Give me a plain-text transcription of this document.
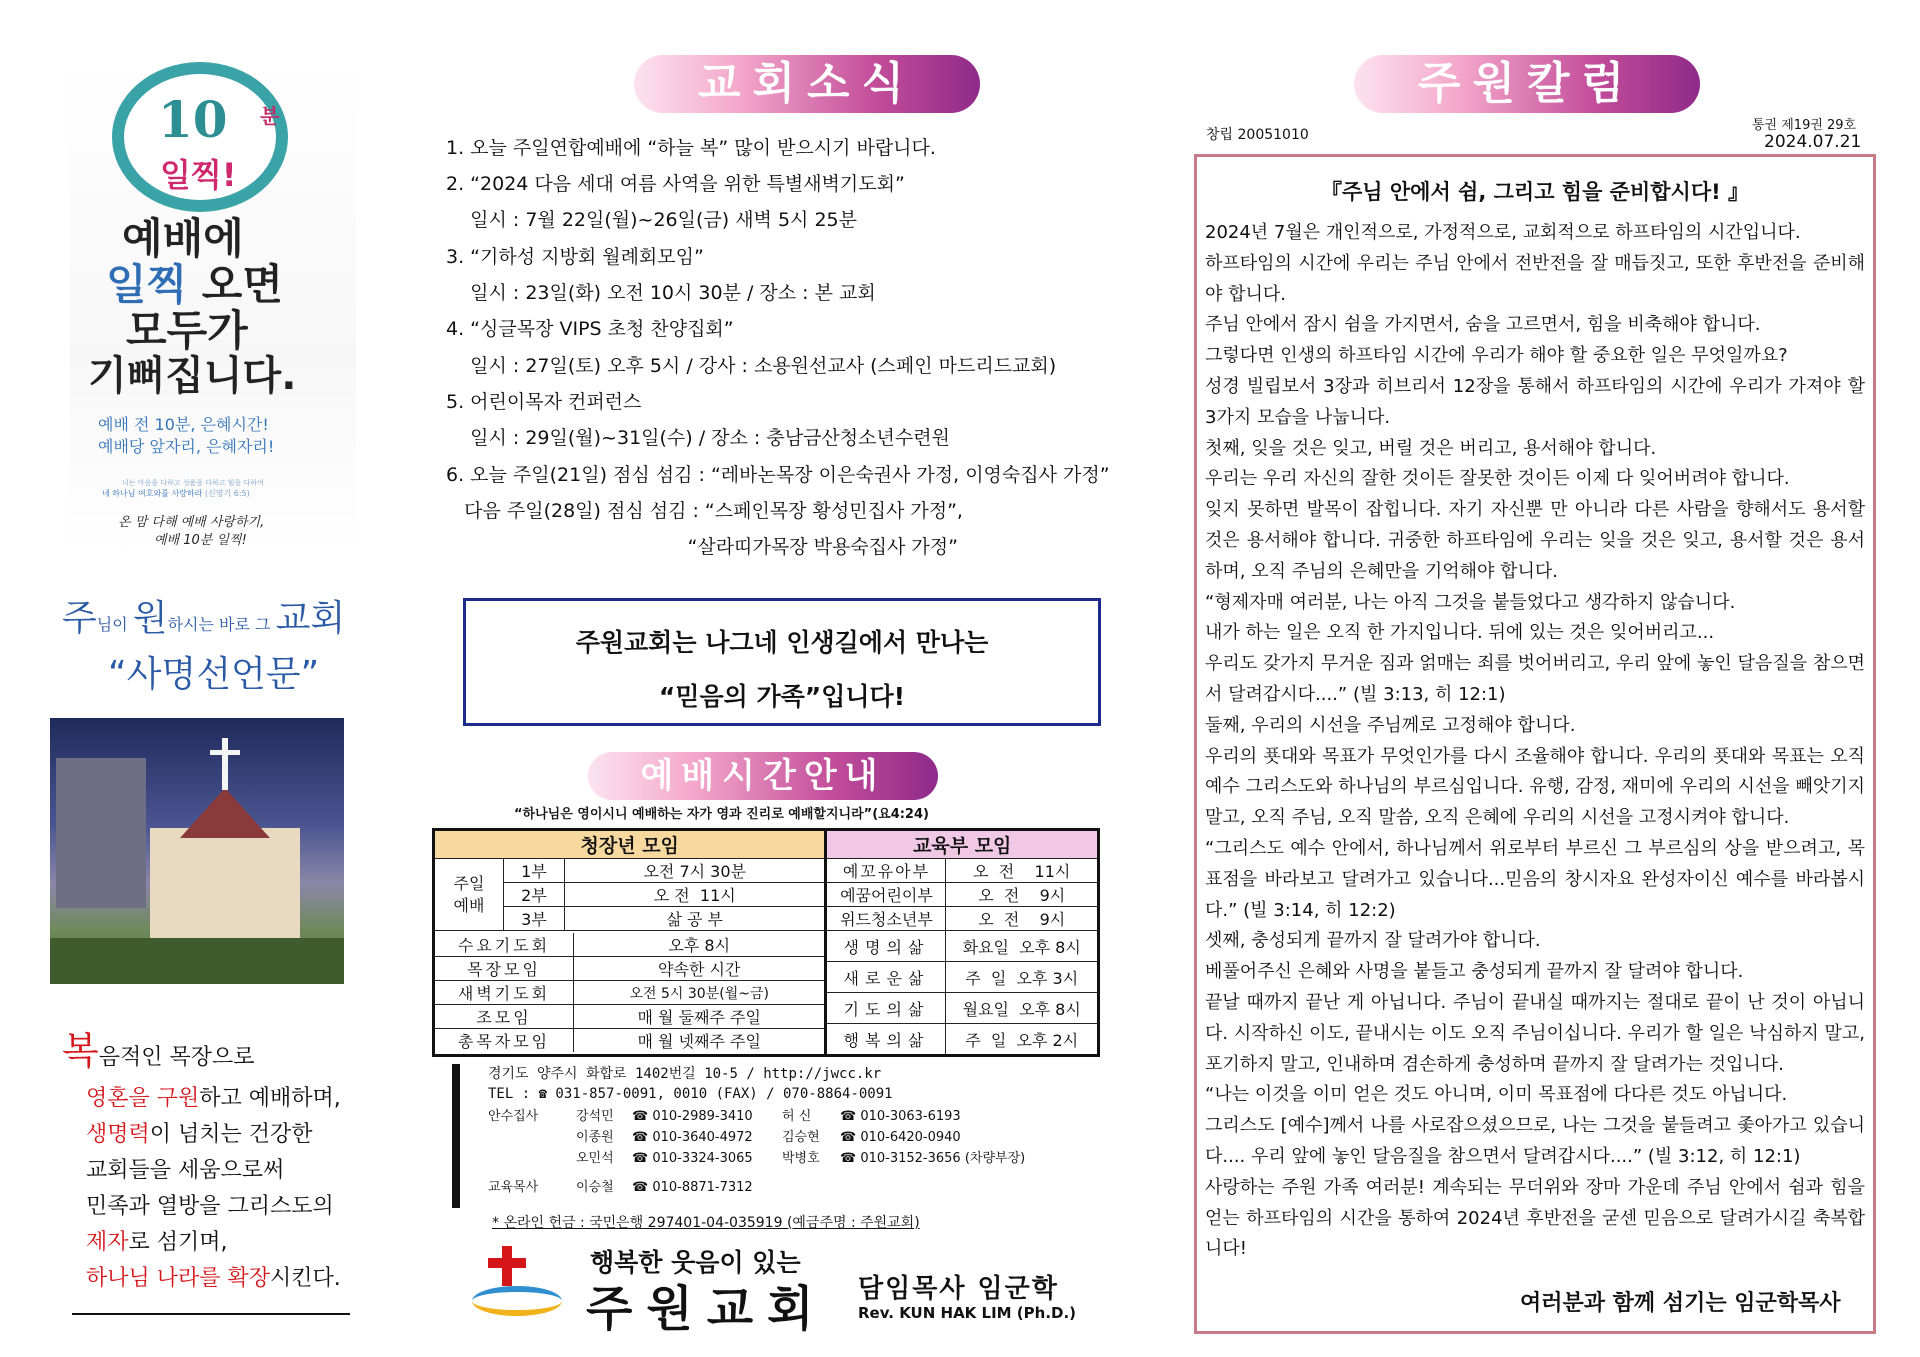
10 분
일찍!
예배에
일찍 오면
모두가
기뻐집니다.
예배 전 10분, 은혜시간!
예배당 앞자리, 은혜자리!
너는 마음을 다하고 성품을 다하고 힘을 다하여
네 하나님 여호와를 사랑하라 (신명기 6:5)
온 맘 다해 예배 사랑하기,
예배 10분 일찍!
주님이 원하시는 바로 그 교회
“사명선언문”
복음적인 목장으로
영혼을 구원하고 예배하며,
생명력이 넘치는 건강한
교회들을 세움으로써
민족과 열방을 그리스도의
제자로 섬기며,
하나님 나라를 확장시킨다.
교회소식
1. 오늘 주일연합예배에 “하늘 복” 많이 받으시기 바랍니다.
2. “2024 다음 세대 여름 사역을 위한 특별새벽기도회”
일시 : 7월 22일(월)~26일(금) 새벽 5시 25분
3. “기하성 지방회 월례회모임”
일시 : 23일(화) 오전 10시 30분 / 장소 : 본 교회
4. “싱글목장 VIPS 초청 찬양집회”
일시 : 27일(토) 오후 5시 / 강사 : 소용원선교사 (스페인 마드리드교회)
5. 어린이목자 컨퍼런스
일시 : 29일(월)~31일(수) / 장소 : 충남금산청소년수련원
6. 오늘 주일(21일) 점심 섬김 : “레바논목장 이은숙권사 가정, 이영숙집사 가정”
다음 주일(28일) 점심 섬김 : “스페인목장 황성민집사 가정”,
“살라띠가목장 박용숙집사 가정”
주원교회는 나그네 인생길에서 만나는
“믿음의 가족”입니다!
예배시간안내
“하나님은 영이시니 예배하는 자가 영과 진리로 예배할지니라”(요4:24)
청장년 모임	교육부 모임
주일
예배	
1부	오전 7시 30분	예꼬유아부	오  전    11시

2부	오 전  11시	예꿈어린이부	오  전    9시

3부	삶 공 부	위드청소년부	오  전    9시

수요기도회	오후 8시
목장모임	약속한 시간
새벽기도회	오전 5시 30분(월~금)
조모임	매 월 둘째주 주일
총목자모임	매 월 넷째주 주일

생명의삶	화요일  오후 8시
새로운삶	주  일  오후 3시
기도의삶	월요일  오후 8시
행복의삶	주  일  오후 2시
경기도 양주시 화합로 1402번길 10-5 / http://jwcc.kr
TEL : ☎ 031-857-0091, 0010 (FAX) / 070-8864-0091
안수집사	강석민	☎ 010-2989-3410	허 신	☎ 010-3063-6193
이종원	☎ 010-3640-4972	김승현	☎ 010-6420-0940
오민석	☎ 010-3324-3065	박병호	☎ 010-3152-3656 (차량부장)
교육목사	이승철	☎ 010-8871-7312
* 온라인 헌금 : 국민은행 297401-04-035919 (예금주명 : 주원교회)
행복한 웃음이 있는
주원교회 담임목사 임군학
Rev. KUN HAK LIM (Ph.D.)
주원칼럼
창립 20051010
통권 제19권 29호
2024.07.21
『주님 안에서 쉼, 그리고 힘을 준비합시다! 』

2024년 7월은 개인적으로, 가정적으로, 교회적으로 하프타임의 시간입니다.

하프타임의 시간에 우리는 주님 안에서 전반전을 잘 매듭짓고, 또한 후반전을 준비해야 합니다.

주님 안에서 잠시 쉼을 가지면서, 숨을 고르면서, 힘을 비축해야 합니다.

그렇다면 인생의 하프타임 시간에 우리가 해야 할 중요한 일은 무엇일까요?

성경 빌립보서 3장과 히브리서 12장을 통해서 하프타임의 시간에 우리가 가져야 할 3가지 모습을 나눕니다.

첫째, 잊을 것은 잊고, 버릴 것은 버리고, 용서해야 합니다.

우리는 우리 자신의 잘한 것이든 잘못한 것이든 이제 다 잊어버려야 합니다.

잊지 못하면 발목이 잡힙니다. 자기 자신뿐 만 아니라 다른 사람을 향해서도 용서할 것은 용서해야 합니다. 귀중한 하프타임에 우리는 잊을 것은 잊고, 용서할 것은 용서하며, 오직 주님의 은혜만을 기억해야 합니다.

“형제자매 여러분, 나는 아직 그것을 붙들었다고 생각하지 않습니다.

내가 하는 일은 오직 한 가지입니다. 뒤에 있는 것은 잊어버리고...

우리도 갖가지 무거운 짐과 얽매는 죄를 벗어버리고, 우리 앞에 놓인 달음질을 참으면서 달려갑시다....” (빌 3:13, 히 12:1)

둘째, 우리의 시선을 주님께로 고정해야 합니다.

우리의 푯대와 목표가 무엇인가를 다시 조율해야 합니다. 우리의 푯대와 목표는 오직 예수 그리스도와 하나님의 부르심입니다. 유행, 감정, 재미에 우리의 시선을 빼앗기지 말고, 오직 주님, 오직 말씀, 오직 은혜에 우리의 시선을 고정시켜야 합니다.

“그리스도 예수 안에서, 하나님께서 위로부터 부르신 그 부르심의 상을 받으려고, 목표점을 바라보고 달려가고 있습니다...믿음의 창시자요 완성자이신 예수를 바라봅시다.” (빌 3:14, 히 12:2)

셋째, 충성되게 끝까지 잘 달려가야 합니다.

베풀어주신 은혜와 사명을 붙들고 충성되게 끝까지 잘 달려야 합니다.

끝날 때까지 끝난 게 아닙니다. 주님이 끝내실 때까지는 절대로 끝이 난 것이 아닙니다. 시작하신 이도, 끝내시는 이도 오직 주님이십니다. 우리가 할 일은 낙심하지 말고, 포기하지 말고, 인내하며 겸손하게 충성하며 끝까지 잘 달려가는 것입니다.

“나는 이것을 이미 얻은 것도 아니며, 이미 목표점에 다다른 것도 아닙니다.

그리스도 [예수]께서 나를 사로잡으셨으므로, 나는 그것을 붙들려고 좇아가고 있습니다.... 우리 앞에 놓인 달음질을 참으면서 달려갑시다....” (빌 3:12, 히 12:1)

사랑하는 주원 가족 여러분! 계속되는 무더위와 장마 가운데 주님 안에서 쉼과 힘을 얻는 하프타임의 시간을 통하여 2024년 후반전을 굳센 믿음으로 달려가시길 축복합니다!

여러분과 함께 섬기는 임군학목사
